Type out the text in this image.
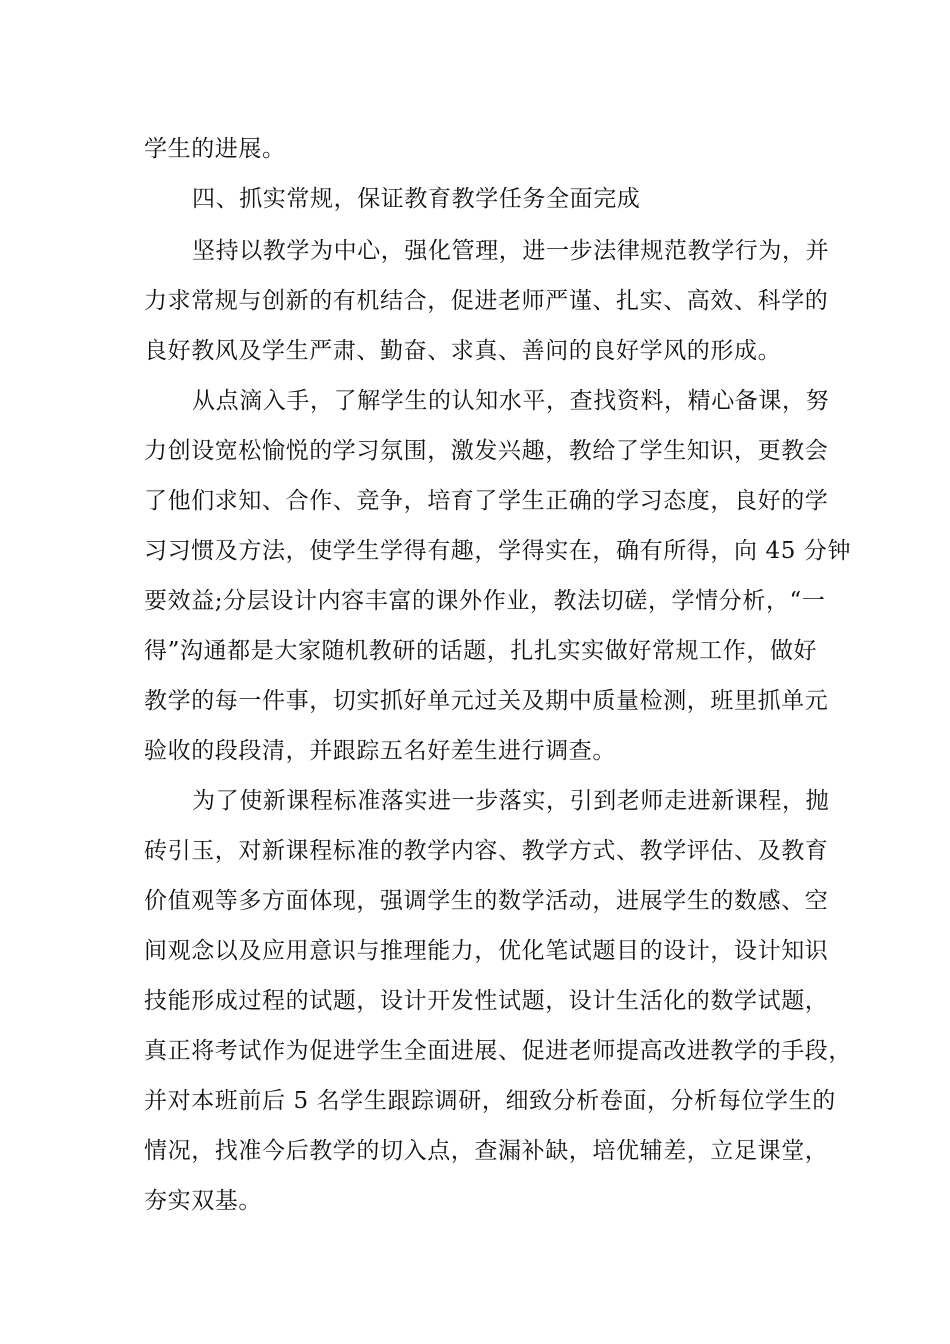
学生的进展。
四、抓实常规，保证教育教学任务全面完成
坚持以教学为中心，强化管理，进一步法律规范教学行为，并
力求常规与创新的有机结合，促进老师严谨、扎实、高效、科学的
良好教风及学生严肃、勤奋、求真、善问的良好学风的形成。
从点滴入手，了解学生的认知水平，查找资料，精心备课，努
力创设宽松愉悦的学习氛围，激发兴趣，教给了学生知识，更教会
了他们求知、合作、竞争，培育了学生正确的学习态度，良好的学
习习惯及方法，使学生学得有趣，学得实在，确有所得，向 45 分钟
要效益;分层设计内容丰富的课外作业，教法切磋，学情分析，“一
得”沟通都是大家随机教研的话题，扎扎实实做好常规工作，做好
教学的每一件事，切实抓好单元过关及期中质量检测，班里抓单元
验收的段段清，并跟踪五名好差生进行调查。
为了使新课程标准落实进一步落实，引到老师走进新课程，抛
砖引玉，对新课程标准的教学内容、教学方式、教学评估、及教育
价值观等多方面体现，强调学生的数学活动，进展学生的数感、空
间观念以及应用意识与推理能力，优化笔试题目的设计，设计知识
技能形成过程的试题，设计开发性试题，设计生活化的数学试题，
真正将考试作为促进学生全面进展、促进老师提高改进教学的手段，
并对本班前后 5 名学生跟踪调研，细致分析卷面，分析每位学生的
情况，找准今后教学的切入点，查漏补缺，培优辅差，立足课堂，
夯实双基。
